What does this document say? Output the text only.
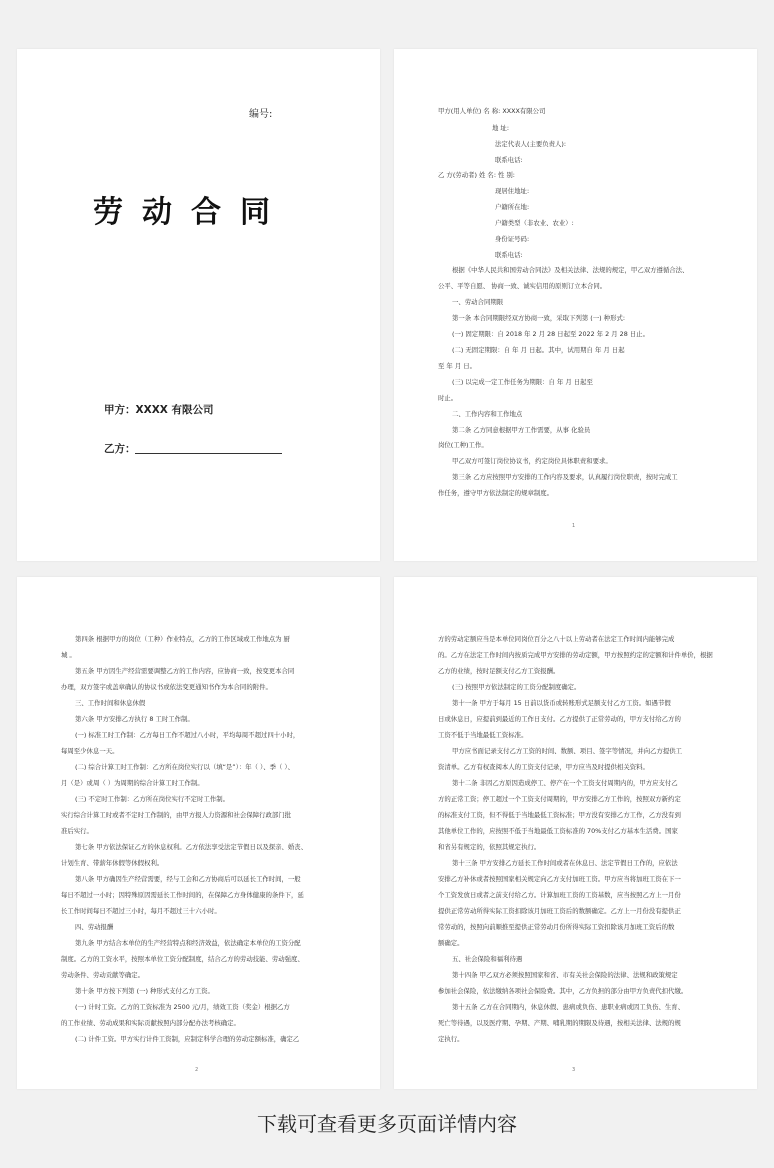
编号:
劳动合同
甲方：XXXX 有限公司
乙方：
甲方(用人单位) 名 称: XXXX有限公司
地 址:
法定代表人(主要负责人):
联系电话:
乙 方(劳动者) 姓 名: 性 别:
现居住地址:
户籍所在地:
户籍类型（非农业、农业）:
身份证号码:
联系电话:
根据《中华人民共和国劳动合同法》及相关法律、法规的规定，甲乙双方遵循合法、
公平、平等自愿、 协商一致、诚实信用的原则订立本合同。
一、劳动合同期限
第一条 本合同期限经双方协商一致，采取下列第 (一) 种形式:
(一) 固定期限：自 2018 年 2 月 28 日起至 2022 年 2 月 28 日止。
(二) 无固定期限：自 年 月 日起。其中，试用期自 年 月 日起
至 年 月 日。
(三) 以完成一定工作任务为期限：自 年 月 日起至
时止。
二、工作内容和工作地点
第二条 乙方同意根据甲方工作需要，从事 化验员
岗位(工种)工作。
甲乙双方可签订岗位协议书，约定岗位具体职责和要求。
第三条 乙方应按照甲方安排的工作内容及要求，认真履行岗位职责，按时完成工
作任务，遵守甲方依法制定的规章制度。
1
第四条 根据甲方的岗位（工种）作业特点，乙方的工作区域或工作地点为 厨
城 。
第五条 甲方因生产经营需要调整乙方的工作内容，应协商一致，按变更本合同
办理，双方签字或盖章确认的协议书或依法变更通知书作为本合同的附件。
三、工作时间和休息休假
第六条 甲方安排乙方执行 8 工时工作制。
(一) 标准工时工作制：乙方每日工作不超过八小时，平均每周不超过四十小时，
每周至少休息一天。
(二) 综合计算工时工作制：乙方所在岗位实行以（填“是”）：年（ ）、季（ ）、
月（是）或周（ ）为周期的综合计算工时工作制。
(三) 不定时工作制：乙方所在岗位实行不定时工作制。
实行综合计算工时或者不定时工作制的，由甲方报人力资源和社会保障行政部门批
准后实行。
第七条 甲方依法保证乙方的休息权利。乙方依法享受法定节假日以及探亲、婚丧、
计划生育、带薪年休假等休假权利。
第八条 甲方确因生产经营需要，经与工会和乙方协商后可以延长工作时间，一般
每日不超过一小时；因特殊原因需延长工作时间的，在保障乙方身体健康的条件下，延
长工作时间每日不超过三小时，每月不超过三十六小时。
四、劳动报酬
第九条 甲方结合本单位的生产经营特点和经济效益，依法确定本单位的工资分配
制度。乙方的工资水平，按照本单位工资分配制度，结合乙方的劳动技能、劳动强度、
劳动条件、劳动贡献等确定。
第十条 甲方按下列第 (一) 种形式支付乙方工资。
(一) 计时工资。乙方的工资标准为 2500 元/月，绩效工资（奖金）根据乙方
的工作业绩、劳动成果和实际贡献按照内部分配办法考核确定。
(二) 计件工资。甲方实行计件工资制，应制定科学合理的劳动定额标准，确定乙
2
方的劳动定额应当是本单位同岗位百分之八十以上劳动者在法定工作时间内能够完成
的。乙方在法定工作时间内按质完成甲方安排的劳动定额，甲方按照约定的定额和计件单价，根据
乙方的业绩，按时足额支付乙方工资报酬。
(三) 按照甲方依法制定的工资分配制度确定。
第十一条 甲方于每月 15 日前以货币或转账形式足额支付乙方工资。如遇节假
日或休息日，应提前到最近的工作日支付。乙方提供了正常劳动的，甲方支付给乙方的
工资不低于当地最低工资标准。
甲方应书面记录支付乙方工资的时间、数额、项目、签字等情况，并向乙方提供工
资清单。乙方有权查阅本人的工资支付记录，甲方应当及时提供相关资料。
第十二条 非因乙方原因造成停工、停产在一个工资支付周期内的，甲方应支付乙
方的正常工资；停工超过一个工资支付周期的，甲方安排乙方工作的，按照双方新约定
的标准支付工资，但不得低于当地最低工资标准；甲方没有安排乙方工作，乙方没有到
其他单位工作的，应按照不低于当地最低工资标准的 70%支付乙方基本生活费。国家
和省另有规定的，依照其规定执行。
第十三条 甲方安排乙方延长工作时间或者在休息日、法定节假日工作的，应依法
安排乙方补休或者按照国家相关规定向乙方支付加班工资。甲方应当将加班工资在下一
个工资发放日或者之前支付给乙方。计算加班工资的工资基数，应当按照乙方上一月份
提供正常劳动所得实际工资扣除该月加班工资后的数额确定。乙方上一月份没有提供正
常劳动的，按照向前顺推至提供正常劳动月份所得实际工资扣除该月加班工资后的数
额确定。
五、社会保险和福利待遇
第十四条 甲乙双方必须按照国家和省、市有关社会保险的法律、法规和政策规定
参加社会保险，依法缴纳各项社会保险费。其中，乙方负担的部分由甲方负责代扣代缴。
第十五条 乙方在合同期内，休息休假、患病或负伤、患职业病或因工负伤、生育、
死亡等待遇，以及医疗期、孕期、产期、哺乳期的期限及待遇，按相关法律、法规的规
定执行。
3
下载可查看更多页面详情内容
